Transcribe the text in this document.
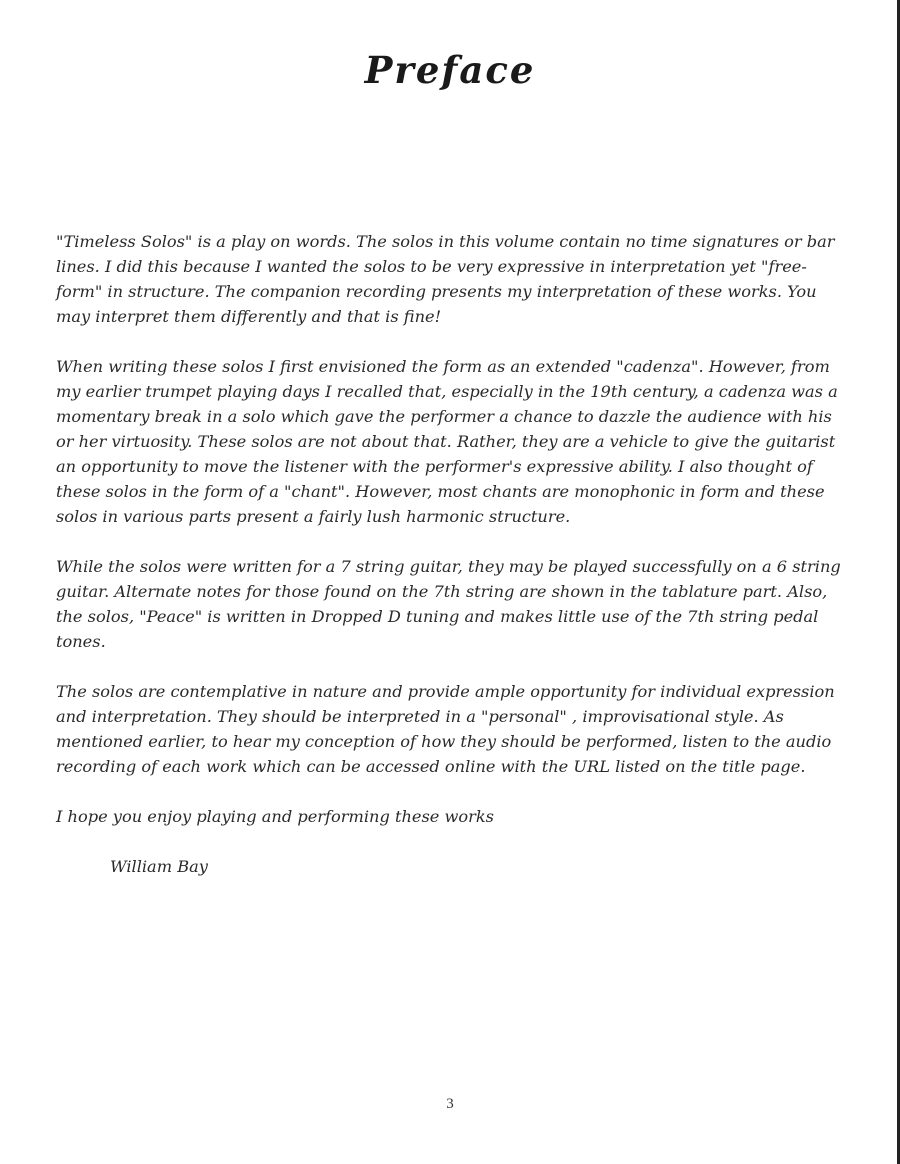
Preface

"Timeless Solos" is a play on words. The solos in this volume contain no time signatures or bar lines. I did this because I wanted the solos to be very expressive in interpretation yet "free-form" in structure. The companion recording presents my interpretation of these works. You may interpret them differently and that is fine!

When writing these solos I first envisioned the form as an extended "cadenza". However, from my earlier trumpet playing days I recalled that, especially in the 19th century, a cadenza was a momentary break in a solo which gave the performer a chance to dazzle the audience with his or her virtuosity. These solos are not about that. Rather, they are a vehicle to give the guitarist an opportunity to move the listener with the performer's expressive ability. I also thought of these solos in the form of a "chant". However, most chants are monophonic in form and these solos in various parts present a fairly lush harmonic structure.

While the solos were written for a 7 string guitar, they may be played successfully on a 6 string guitar. Alternate notes for those found on the 7th string are shown in the tablature part. Also, the solos, "Peace" is written in Dropped D tuning and makes little use of the 7th string pedal tones.

The solos are contemplative in nature and provide ample opportunity for individual expression and interpretation. They should be interpreted in a "personal" , improvisational style. As mentioned earlier, to hear my conception of how they should be performed, listen to the audio recording of each work which can be accessed online with the URL listed on the title page.

I hope you enjoy playing and performing these works

William Bay

3
